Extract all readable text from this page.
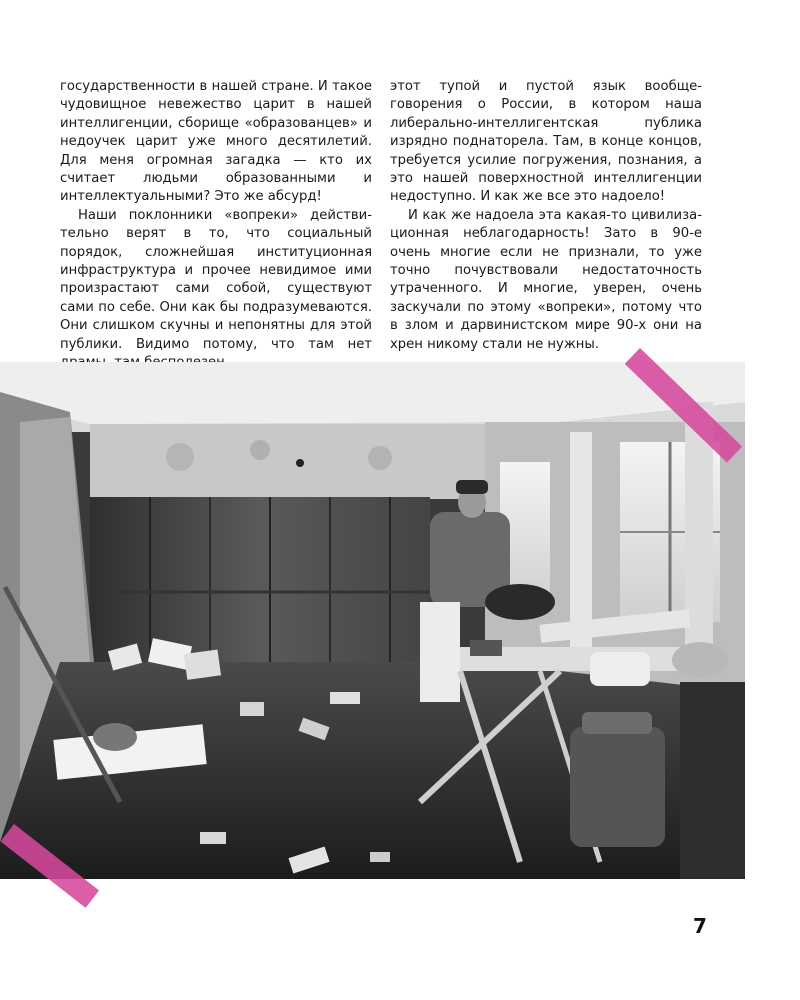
государственности в нашей стране. И такое чудовищное невежество царит в нашей интеллигенции, сборище «образованцев» и недоучек царит уже много десятилетий. Для меня огромная загадка — кто их считает людьми образованными и интеллектуальными? Это же абсурд!

Наши поклонники «вопреки» действительно верят в то, что социальный порядок, сложнейшая институционная инфраструктура и прочее невидимое ими произрастают сами собой, существуют сами по себе. Они как бы подразумеваются. Они слишком скучны и непонятны для этой публики. Видимо потому, что там нет

этот тупой и пустой язык вообще-говорения о России, в котором наша либерально-интеллигентская публика изрядно поднаторела. Там, в конце концов, требуется усилие погружения, познания, а это нашей поверхностной интеллигенции недоступно. И как же все это надоело!

И как же надоела эта какая-то цивилизационная неблагодарность! Зато в 90-е очень многие если не признали, то уже точно почувствовали недостаточность утраченного. И многие, уверен, очень заскучали по этому «вопреки», потому что в злом и дарвинистском мире 90-х они на хрен никому стали не нужны.

7
